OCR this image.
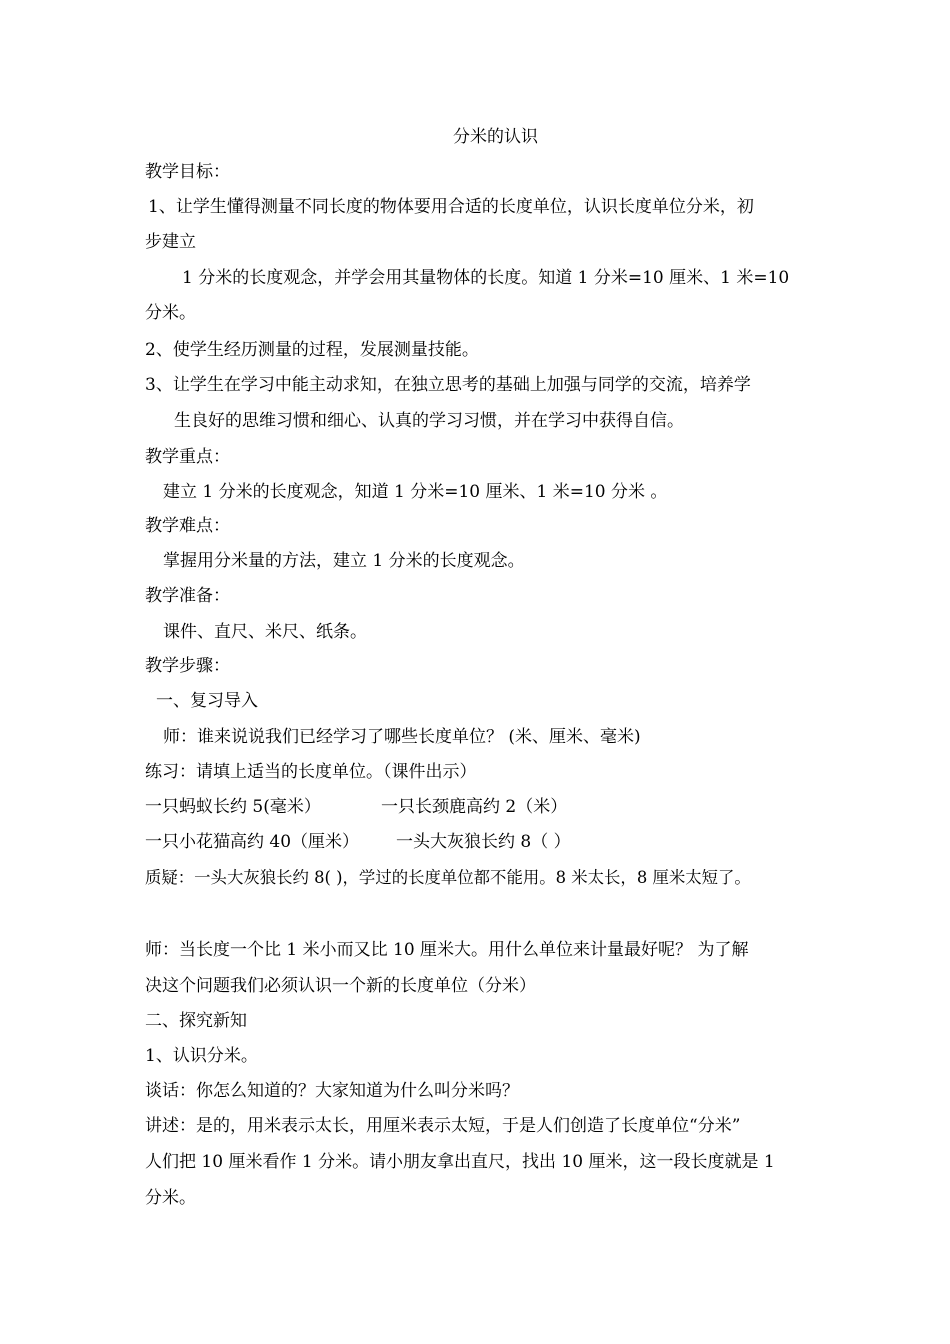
分米的认识
教学目标：
1、让学生懂得测量不同长度的物体要用合适的长度单位，认识长度单位分米，初
步建立
1 分米的长度观念，并学会用其量物体的长度。知道 1 分米=10 厘米、1 米=10
分米。
2、使学生经历测量的过程，发展测量技能。
3、让学生在学习中能主动求知，在独立思考的基础上加强与同学的交流，培养学
生良好的思维习惯和细心、认真的学习习惯，并在学习中获得自信。
教学重点：
建立 1 分米的长度观念，知道 1 分米=10 厘米、1 米=10 分米 。
教学难点：
掌握用分米量的方法，建立 1 分米的长度观念。
教学准备：
课件、直尺、米尺、纸条。
教学步骤：
一、复习导入
师：谁来说说我们已经学习了哪些长度单位？ (米、厘米、毫米)
练习：请填上适当的长度单位。（课件出示）
一只蚂蚁长约 5(毫米）	一只长颈鹿高约 2（米）
一只小花猫高约 40（厘米） 一头大灰狼长约 8（ ）
质疑：一头大灰狼长约 8( )，学过的长度单位都不能用。8 米太长，8 厘米太短了。
师：当长度一个比 1 米小而又比 10 厘米大。用什么单位来计量最好呢？ 为了解
决这个问题我们必须认识一个新的长度单位（分米）
二、探究新知
1、认识分米。
谈话：你怎么知道的？大家知道为什么叫分米吗？
讲述：是的，用米表示太长，用厘米表示太短，于是人们创造了长度单位“分米”
人们把 10 厘米看作 1 分米。请小朋友拿出直尺，找出 10 厘米，这一段长度就是 1
分米。
